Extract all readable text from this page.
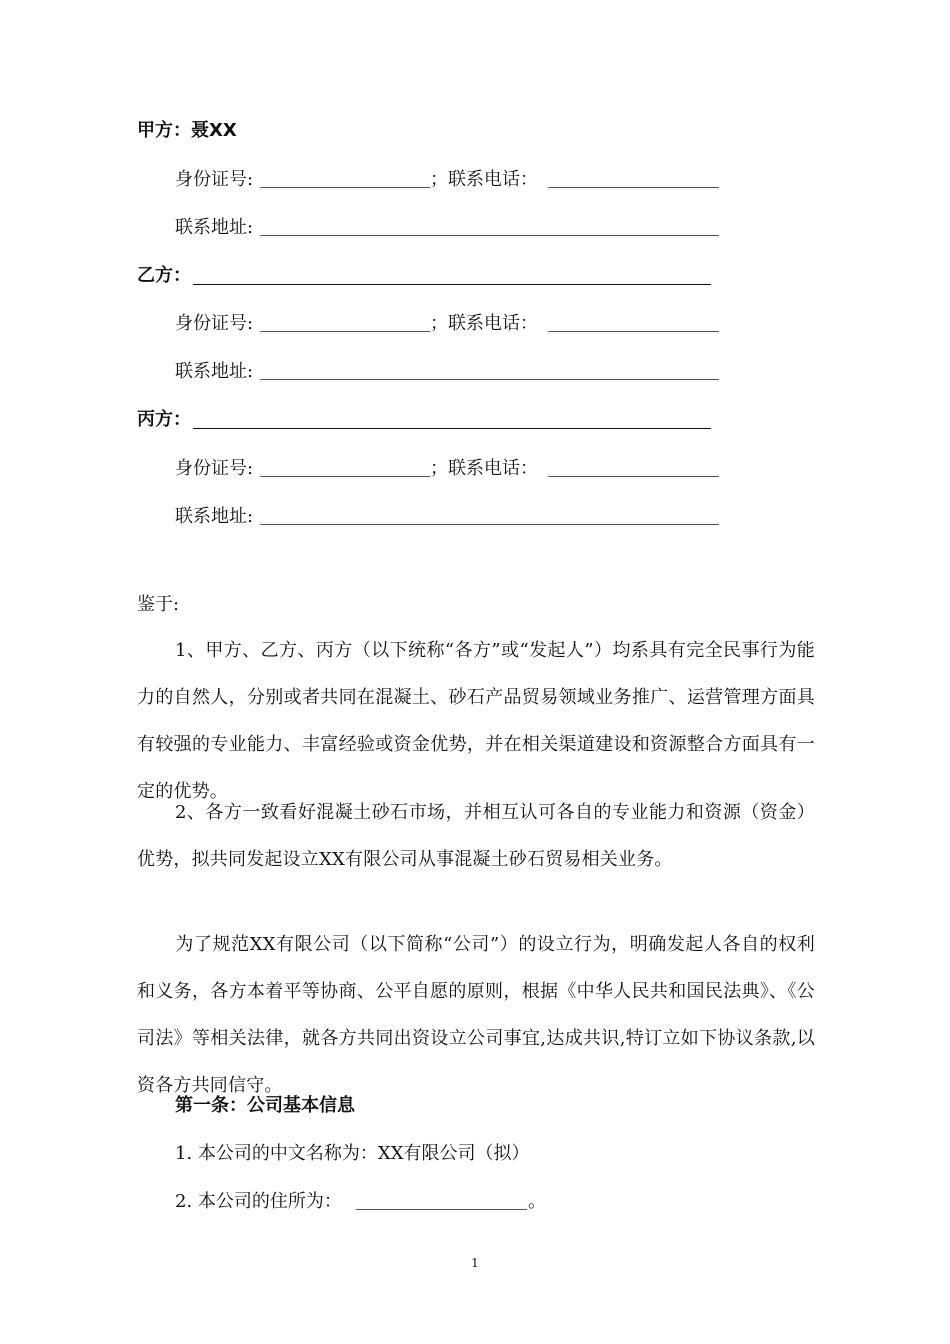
甲方：聂XX
身份证号:	；联系电话：
联系地址:
乙方：
身份证号:	；联系电话：
联系地址:
丙方：
身份证号:	；联系电话：
联系地址:
鉴于:
1、甲方、乙方、丙方（以下统称“各方”或“发起人”）均系具有完全民事行为能力的自然人，分别或者共同在混凝土、砂石产品贸易领域业务推广、运营管理方面具有较强的专业能力、丰富经验或资金优势，并在相关渠道建设和资源整合方面具有一定的优势。
2、各方一致看好混凝土砂石市场，并相互认可各自的专业能力和资源（资金）优势，拟共同发起设立XX有限公司从事混凝土砂石贸易相关业务。
为了规范XX有限公司（以下简称“公司”）的设立行为，明确发起人各自的权利和义务，各方本着平等协商、公平自愿的原则，根据《中华人民共和国民法典》、《公司法》等相关法律，就各方共同出资设立公司事宜,达成共识,特订立如下协议条款,以资各方共同信守。
第一条：公司基本信息
1. 本公司的中文名称为：XX有限公司（拟）
2. 本公司的住所为：	。
1
